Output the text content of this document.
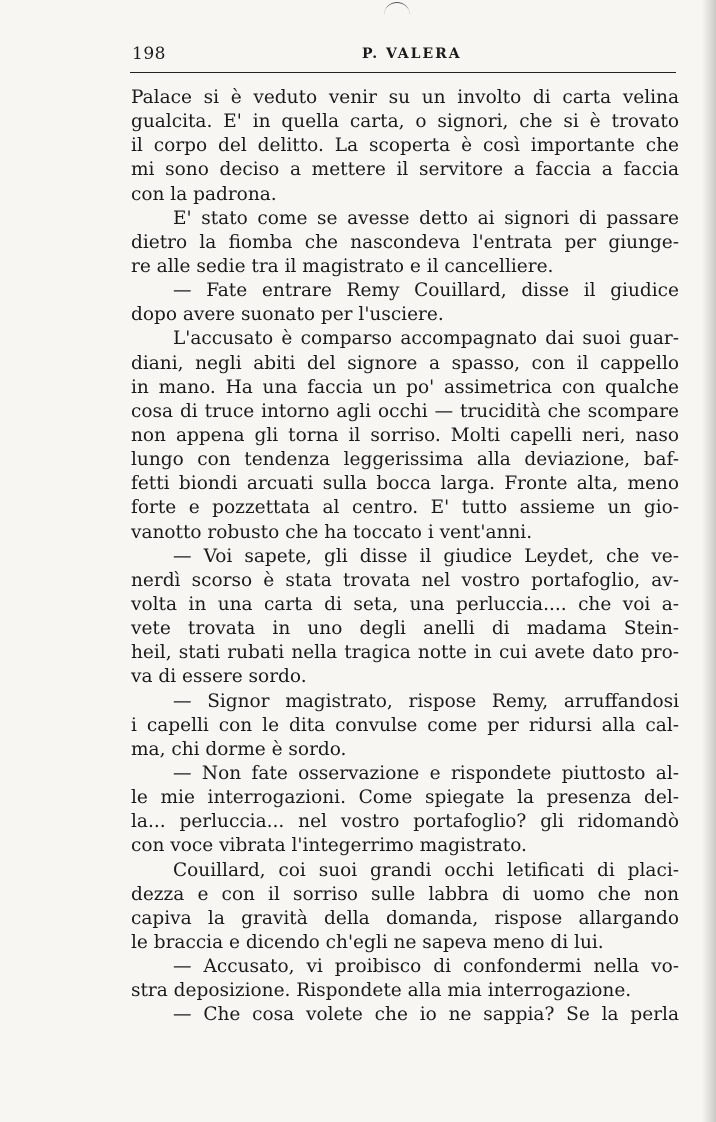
198	P. VALERA
Palace si è veduto venir su un involto di carta velina
gualcita. E' in quella carta, o signori, che si è trovato
il corpo del delitto. La scoperta è così importante che
mi sono deciso a mettere il servitore a faccia a faccia
con la padrona.
E' stato come se avesse detto ai signori di passare
dietro la fiomba che nascondeva l'entrata per giunge-
re alle sedie tra il magistrato e il cancelliere.
— Fate entrare Remy Couillard, disse il giudice
dopo avere suonato per l'usciere.
L'accusato è comparso accompagnato dai suoi guar-
diani, negli abiti del signore a spasso, con il cappello
in mano. Ha una faccia un po' assimetrica con qualche
cosa di truce intorno agli occhi — trucidità che scompare
non appena gli torna il sorriso. Molti capelli neri, naso
lungo con tendenza leggerissima alla deviazione, baf-
fetti biondi arcuati sulla bocca larga. Fronte alta, meno
forte e pozzettata al centro. E' tutto assieme un gio-
vanotto robusto che ha toccato i vent'anni.
— Voi sapete, gli disse il giudice Leydet, che ve-
nerdì scorso è stata trovata nel vostro portafoglio, av-
volta in una carta di seta, una perluccia.... che voi a-
vete trovata in uno degli anelli di madama Stein-
heil, stati rubati nella tragica notte in cui avete dato pro-
va di essere sordo.
— Signor magistrato, rispose Remy, arruffandosi
i capelli con le dita convulse come per ridursi alla cal-
ma, chi dorme è sordo.
— Non fate osservazione e rispondete piuttosto al-
le mie interrogazioni. Come spiegate la presenza del-
la... perluccia... nel vostro portafoglio? gli ridomandò
con voce vibrata l'integerrimo magistrato.
Couillard, coi suoi grandi occhi letificati di placi-
dezza e con il sorriso sulle labbra di uomo che non
capiva la gravità della domanda, rispose allargando
le braccia e dicendo ch'egli ne sapeva meno di lui.
— Accusato, vi proibisco di confondermi nella vo-
stra deposizione. Rispondete alla mia interrogazione.
— Che cosa volete che io ne sappia? Se la perla
